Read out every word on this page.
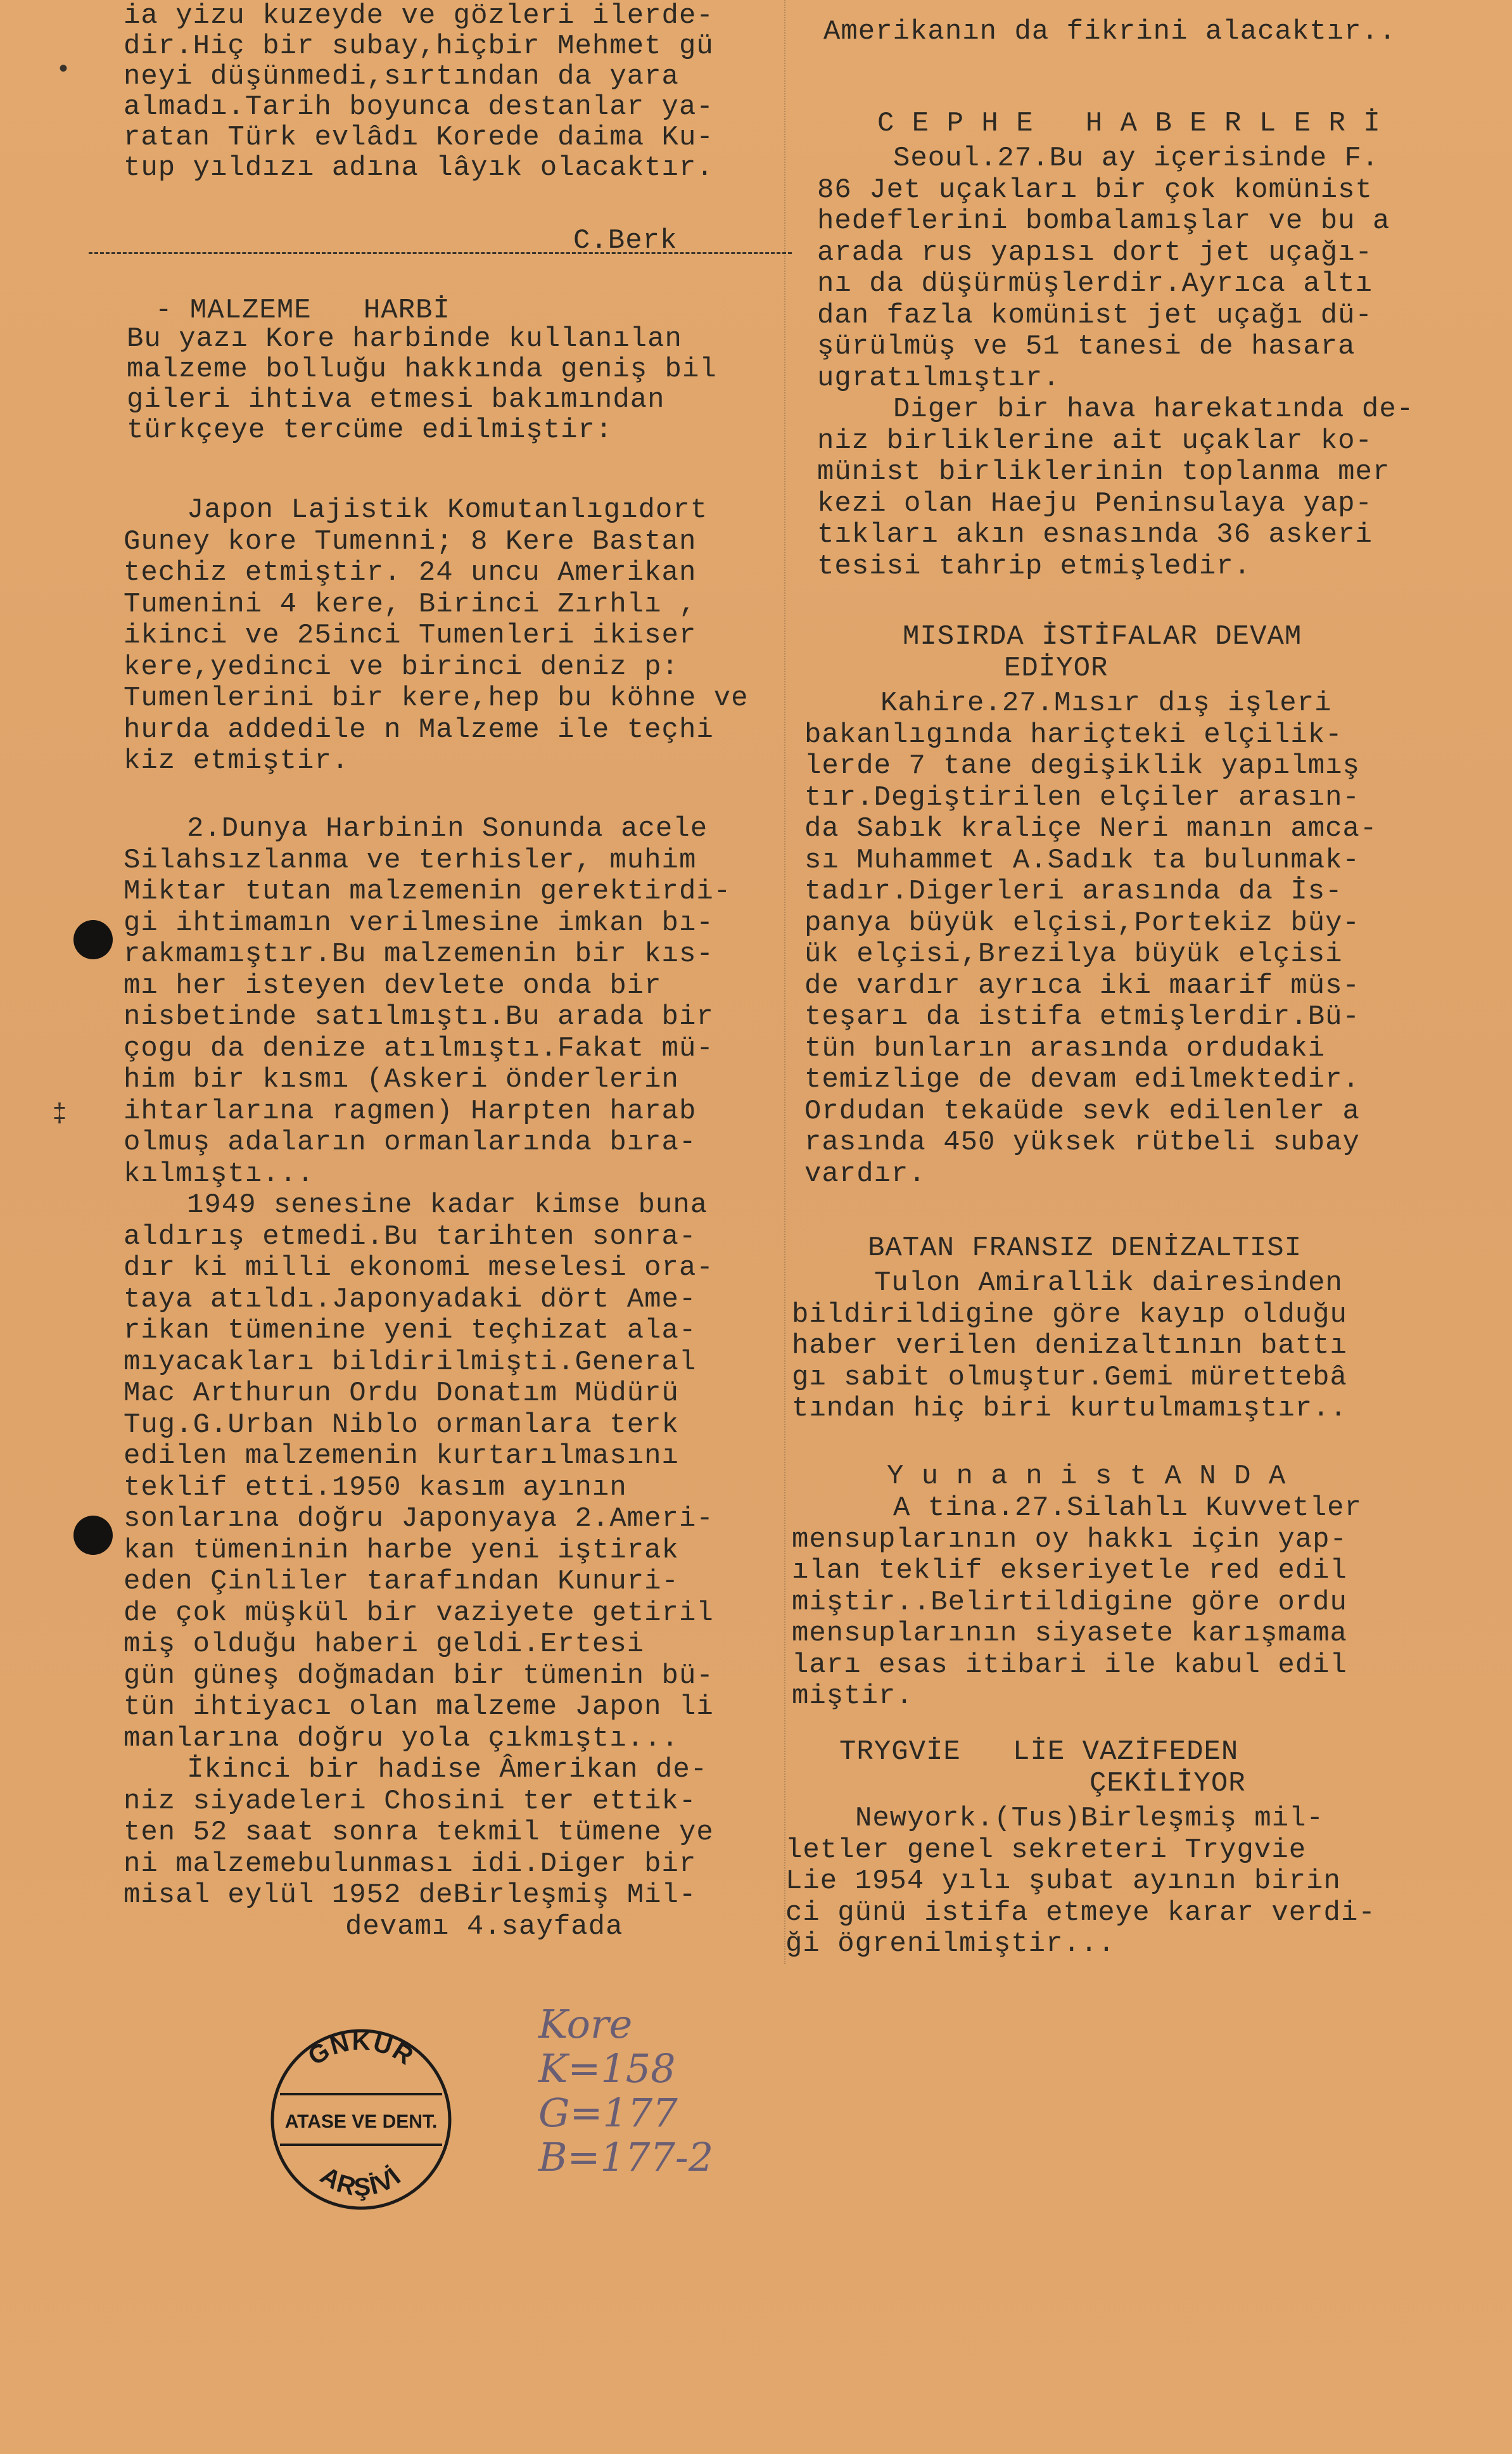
ia yizu kuzeyde ve gözleri ilerde-
dir.Hiç bir subay,hiçbir Mehmet gü
neyi düşünmedi,sırtından da yara
almadı.Tarih boyunca destanlar ya-
ratan Türk evlâdı Korede daima Ku-
tup yıldızı adına lâyık olacaktır.
C.Berk
- MALZEME   HARBİ
Bu yazı Kore harbinde kullanılan
malzeme bolluğu hakkında geniş bil
gileri ihtiva etmesi bakımından
türkçeye tercüme edilmiştir:
Japon Lajistik Komutanlıgıdort
Guney kore Tumenni; 8 Kere Bastan
techiz etmiştir. 24 uncu Amerikan
Tumenini 4 kere, Birinci Zırhlı ,
ikinci ve 25inci Tumenleri ikiser
kere,yedinci ve birinci deniz p:
Tumenlerini bir kere,hep bu köhne ve
hurda addedile n Malzeme ile teçhi
kiz etmiştir.
2.Dunya Harbinin Sonunda acele
Silahsızlanma ve terhisler, muhim
Miktar tutan malzemenin gerektirdi-
gi ihtimamın verilmesine imkan bı-
rakmamıştır.Bu malzemenin bir kıs-
mı her isteyen devlete onda bir
nisbetinde satılmıştı.Bu arada bir
çogu da denize atılmıştı.Fakat mü-
him bir kısmı (Askeri önderlerin
ihtarlarına ragmen) Harpten harab
olmuş adaların ormanlarında bıra-
kılmıştı...
1949 senesine kadar kimse buna
aldırış etmedi.Bu tarihten sonra-
dır ki milli ekonomi meselesi ora-
taya atıldı.Japonyadaki dört Ame-
rikan tümenine yeni teçhizat ala-
mıyacakları bildirilmişti.General
Mac Arthurun Ordu Donatım Müdürü
Tug.G.Urban Niblo ormanlara terk
edilen malzemenin kurtarılmasını
teklif etti.1950 kasım ayının
sonlarına doğru Japonyaya 2.Ameri-
kan tümeninin harbe yeni iştirak
eden Çinliler tarafından Kunuri-
de çok müşkül bir vaziyete getiril
miş olduğu haberi geldi.Ertesi
gün güneş doğmadan bir tümenin bü-
tün ihtiyacı olan malzeme Japon li
manlarına doğru yola çıkmıştı...
İkinci bir hadise Âmerikan de-
niz siyadeleri Chosini ter ettik-
ten 52 saat sonra tekmil tümene ye
ni malzemebulunması idi.Diger bir
misal eylül 1952 deBirleşmiş Mil-
devamı 4.sayfada
Amerikanın da fikrini alacaktır..
C E P H E   H A B E R L E R İ
Seoul.27.Bu ay içerisinde F.
86 Jet uçakları bir çok komünist
hedeflerini bombalamışlar ve bu a
arada rus yapısı dort jet uçağı-
nı da düşürmüşlerdir.Ayrıca altı
dan fazla komünist jet uçağı dü-
şürülmüş ve 51 tanesi de hasara
ugratılmıştır.
Diger bir hava harekatında de-
niz birliklerine ait uçaklar ko-
münist birliklerinin toplanma mer
kezi olan Haeju Peninsulaya yap-
tıkları akın esnasında 36 askeri
tesisi tahrip etmişledir.
MISIRDA İSTİFALAR DEVAM
EDİYOR
Kahire.27.Mısır dış işleri
bakanlıgında hariçteki elçilik-
lerde 7 tane degişiklik yapılmış
tır.Degiştirilen elçiler arasın-
da Sabık kraliçe Neri manın amca-
sı Muhammet A.Sadık ta bulunmak-
tadır.Digerleri arasında da İs-
panya büyük elçisi,Portekiz büy-
ük elçisi,Brezilya büyük elçisi
de vardır ayrıca iki maarif müs-
teşarı da istifa etmişlerdir.Bü-
tün bunların arasında ordudaki
temizlige de devam edilmektedir.
Ordudan tekaüde sevk edilenler a
rasında 450 yüksek rütbeli subay
vardır.
BATAN FRANSIZ DENİZALTISI
Tulon Amirallik dairesinden
bildirildigine göre kayıp olduğu
haber verilen denizaltının battı
gı sabit olmuştur.Gemi mürettebâ
tından hiç biri kurtulmamıştır..
Y u n a n i s t A N D A
A tina.27.Silahlı Kuvvetler
mensuplarının oy hakkı için yap-
ılan teklif ekseriyetle red edil
miştir..Belirtildigine göre ordu
mensuplarının siyasete karışmama
ları esas itibari ile kabul edil
miştir.
TRYGVİE   LİE VAZİFEDEN
ÇEKİLİYOR
Newyork.(Tus)Birleşmiş mil-
letler genel sekreteri Trygvie
Lie 1954 yılı şubat ayının birin
ci günü istifa etmeye karar verdi-
ği ögrenilmiştir...
•
‡
GNKUR
ATASE VE DENT.
ARŞİVİ
Kore
K=158
G=177
B=177-2
